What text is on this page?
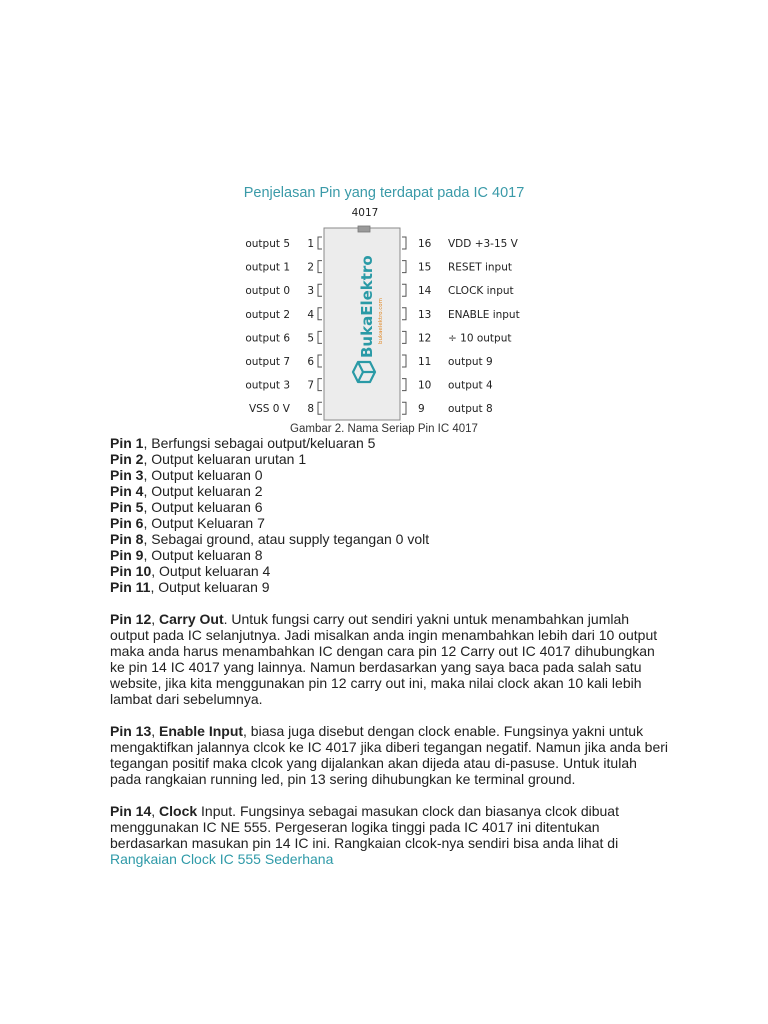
Penjelasan Pin yang terdapat pada IC 4017
4017
1
output 5
2
output 1
3
output 0
4
output 2
5
output 6
6
output 7
7
output 3
8
VSS 0 V
16 VDD +3-15 V
15 RESET input
14 CLOCK input
13 ENABLE input
12 ÷ 10 output
11 output 9
10 output 4
9 output 8
BukaElektro bukaelektro.com
Gambar 2. Nama Seriap Pin IC 4017
Pin 1, Berfungsi sebagai output/keluaran 5
Pin 2, Output keluaran urutan 1
Pin 3, Output keluaran 0
Pin 4, Output keluaran 2
Pin 5, Output keluaran 6
Pin 6, Output Keluaran 7
Pin 8, Sebagai ground, atau supply tegangan 0 volt
Pin 9, Output keluaran 8
Pin 10, Output keluaran 4
Pin 11, Output keluaran 9

Pin 12, Carry Out. Untuk fungsi carry out sendiri yakni untuk menambahkan jumlah output pada IC selanjutnya. Jadi misalkan anda ingin menambahkan lebih dari 10 output maka anda harus menambahkan IC dengan cara pin 12 Carry out IC 4017 dihubungkan ke pin 14 IC 4017 yang lainnya. Namun berdasarkan yang saya baca pada salah satu website, jika kita menggunakan pin 12 carry out ini, maka nilai clock akan 10 kali lebih lambat dari sebelumnya.

Pin 13, Enable Input, biasa juga disebut dengan clock enable. Fungsinya yakni untuk mengaktifkan jalannya clcok ke IC 4017 jika diberi tegangan negatif. Namun jika anda beri tegangan positif maka clcok yang dijalankan akan dijeda atau di-pasuse. Untuk itulah pada rangkaian running led, pin 13 sering dihubungkan ke terminal ground.

Pin 14, Clock Input. Fungsinya sebagai masukan clock dan biasanya clcok dibuat menggunakan IC NE 555. Pergeseran logika tinggi pada IC 4017 ini ditentukan berdasarkan masukan pin 14 IC ini. Rangkaian clcok-nya sendiri bisa anda lihat di Rangkaian Clock IC 555 Sederhana
